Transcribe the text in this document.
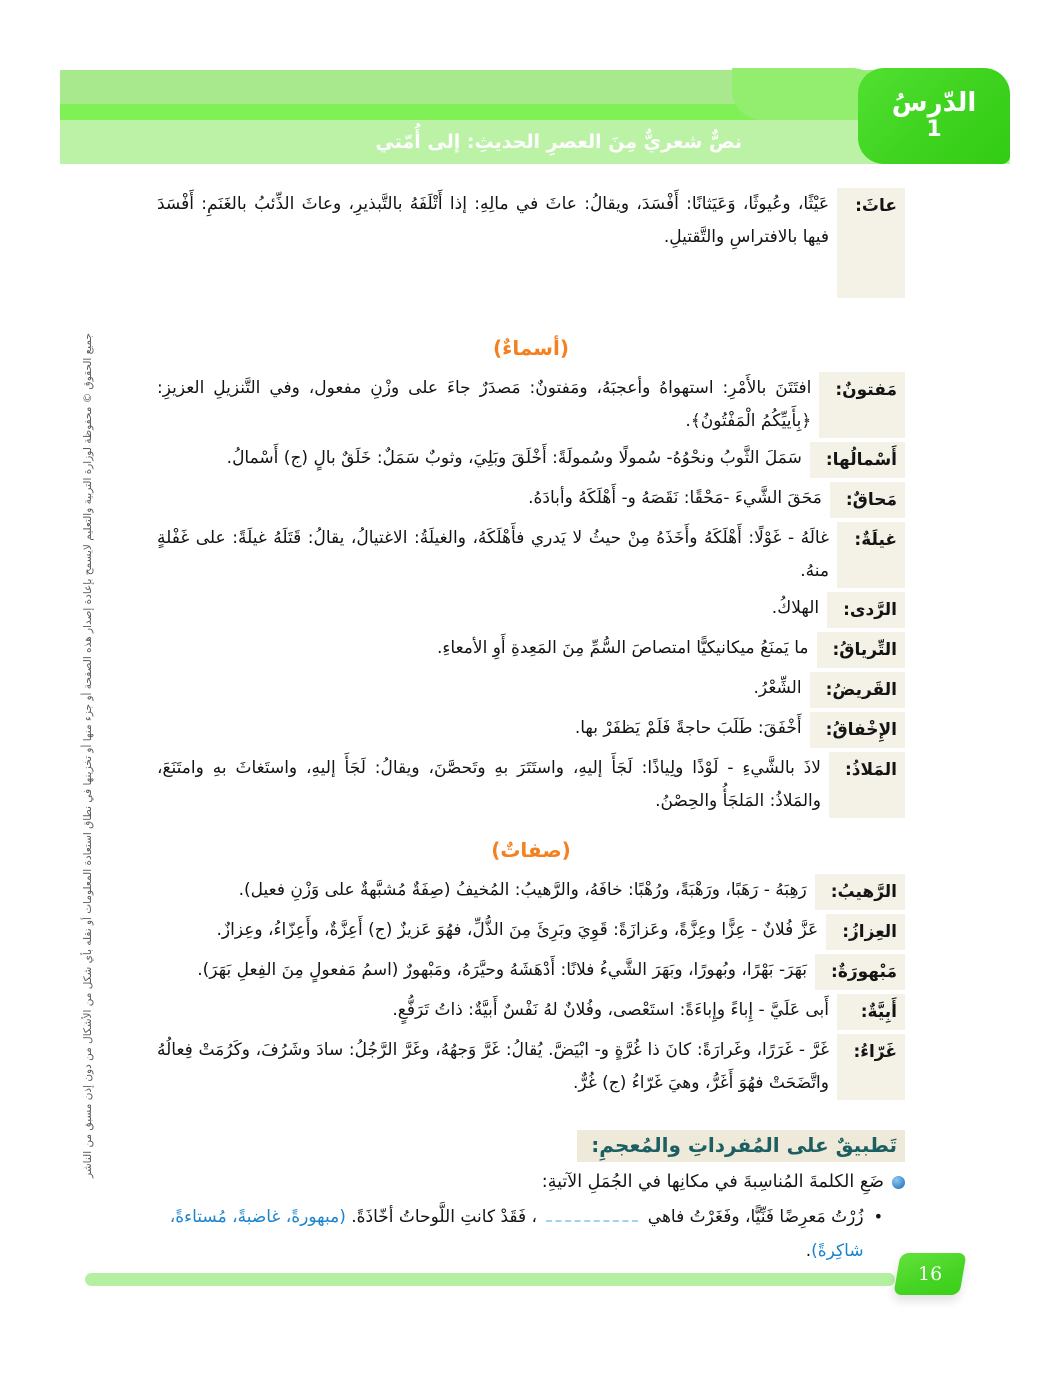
نصٌّ شعريٌّ مِنَ العصرِ الحديثِ: إلى أُمّتي
الدّرسُ
1
جميع الحقوق © محفوظة لوزارة التربية والتعليم لايسمح بإعادة إصدار هذه الصفحة أو جزء منها أو تخزينها في نطاق استعادة المعلومات أو نقله بأي شكل من الأشكال من دون إذن مسبق من الناشر
عاثَ:
عَيْثًا، وعُيوثًا، وَعَيَثانًا: أَفْسَدَ، ويقالُ: عاثَ في مالِهِ: إذا أَتْلَفَهُ بالتَّبذيرِ، وعاثَ الذِّئبُ بالغَنَمِ: أَفْسَدَ فيها بالافتراسِ والتَّقتيلِ.
(أسماءٌ)
مَفتونٌ:
افتَتَنَ بالأَمْرِ: استهواهُ وأعجبَهُ، ومَفتونٌ: مَصدَرٌ جاءَ على وزْنِ مفعول، وفي التَّنزيلِ العزيزِ: ﴿بِأَييِّكُمُ الْمَفْتُونُ﴾.
أَسْمالُها:
سَمَلَ الثَّوبُ ونحْوُهُ- سُمولًا وسُمولَةً: أَخْلَقَ وبَلِيَ، وثوبٌ سَمَلٌ: خَلَقٌ بالٍ (ج) أَسْمالُ.
مَحاقٌ:
مَحَقَ الشَّيءَ -مَحْقًا: نَقَصَهُ و- أَهْلَكَهُ وأبادَهُ.
غيلَةٌ:
غالَهُ - غَوْلًا: أَهْلَكَهُ وأَخَذَهُ مِنْ حيثُ لا يَدري فأَهْلَكَهُ، والغيلَةُ: الاغتيالُ، يقالُ: قَتَلَهُ غيلَةً: على غَفْلةٍ منهُ.
الرَّدى:
الهلاكُ.
التِّرياقُ:
ما يَمنَعُ ميكانيكيًّا امتصاصَ السُّمِّ مِنَ المَعِدةِ أَوِ الأمعاءِ.
القَريضُ:
الشِّعْرُ.
الإِخْفاقُ:
أَخْفَقَ: طَلَبَ حاجةً فَلَمْ يَظفَرْ بها.
المَلاذُ:
لاذَ بالشَّيءِ - لَوْذًا ولِياذًا: لَجَأَ إليهِ، واستَتَرَ بهِ وتَحصَّنَ، ويقالُ: لَجَأَ إليهِ، واستَغاثَ بهِ وامتَنَعَ، والمَلاذُ: المَلجَأُ والحِصْنُ.
(صفاتٌ)
الرَّهيبُ:
رَهِبَهُ - رَهَبًا، ورَهْبَةً، ورُهْبًا: خافَهُ، والرَّهيبُ: المُخيفُ (صِفَةٌ مُشبَّهةٌ على وَزْنِ فعيل).
العِزازُ:
عَزَّ فُلانٌ - عِزًّا وعِزَّةً، وعَزازَةً: قَوِيَ وبَرِئَ مِنَ الذُّلِّ، فهُوَ عَزيزٌ (ج) أَعِزَّةٌ، وأَعِزّاءُ، وعِزازٌ.
مَبْهورَةٌ:
بَهَرَ- بَهْرًا، وبُهورًا، وبَهَرَ الشَّيءُ فلانًا: أَدْهَشَهُ وحيَّرَهُ، ومَبْهورٌ (اسمُ مَفعولٍ مِنَ الفِعلِ بَهَرَ).
أَبِيَّةٌ:
أَبى عَلَيَّ - إِباءً وإِباءَةً: استَعْصى، وفُلانٌ لهُ نَفْسٌ أَبيَّةٌ: ذاتُ تَرَفُّعٍ.
غَرّاءُ:
غَرَّ - غَرَرًا، وغَرارَةً: كانَ ذا غُرَّةٍ و- ابْيَضَّ. يُقالُ: غَرَّ وَجهُهُ، وغَرَّ الرَّجُلُ: سادَ وشَرُفَ، وكَرُمَتْ فِعالُهُ واتَّضَحَتْ فهُوَ أَغَرُّ، وهيَ غَرّاءُ (ج) غُرٌّ.
تَطبيقٌ على المُفرداتِ والمُعجمِ:
ضَعِ الكلمةَ المُناسِبةَ في مكانِها في الجُمَلِ الآتيةِ:
•
زُرْتُ مَعرِضًا فَنِّيًّا، وفَغَرْتُ فاهي  ، فَقَدْ كانتِ اللَّوحاتُ أخّاذَةً. (مبهورةً، غاضبةً، مُستاءةً، شاكِرةً).
16
